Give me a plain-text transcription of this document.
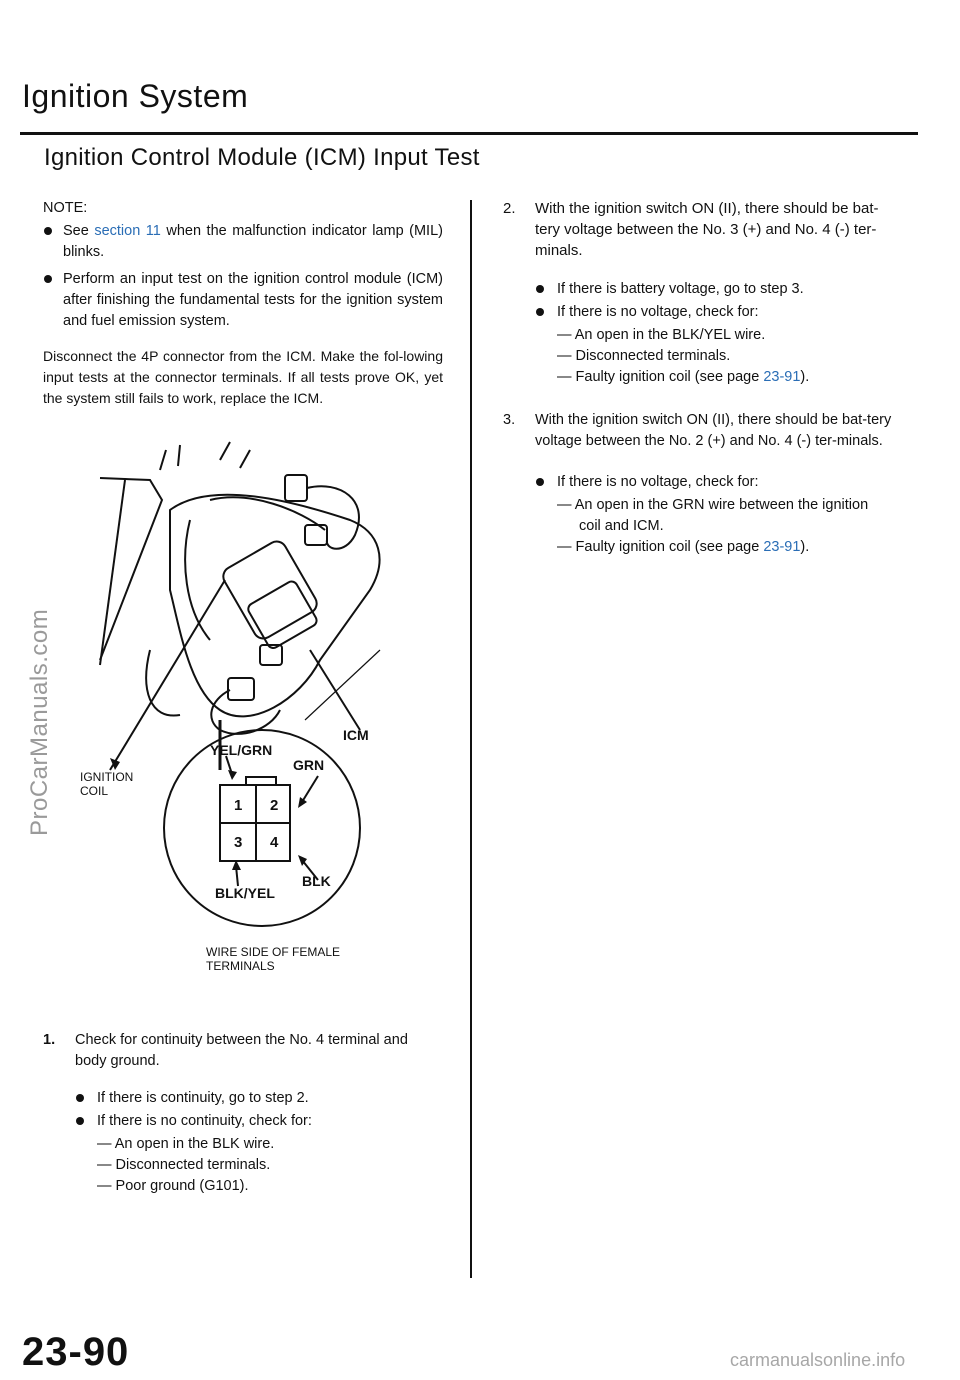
Ignition System
Ignition Control Module (ICM) Input Test

NOTE:

See section 11 when the malfunction indicator lamp (MIL) blinks.
Perform an input test on the ignition control module (ICM) after finishing the fundamental tests for the ignition system and fuel emission system.

Disconnect the 4P connector from the ICM. Make the fol-lowing input tests at the connector terminals. If all tests prove OK, yet the system still fails to work, replace the ICM.

1 2
3 4
ICM
YEL/GRN
GRN
BLK/YEL
BLK
IGNITION COIL
WIRE SIDE OF FEMALE TERMINALS

1. Check for continuity between the No. 4 terminal and body ground.

If there is continuity, go to step 2.
If there is no continuity, check for:
— An open in the BLK wire.
— Disconnected terminals.
— Poor ground (G101).

2. With the ignition switch ON (II), there should be bat-tery voltage between the No. 3 (+) and No. 4 (-) ter-minals.

If there is battery voltage, go to step 3.
If there is no voltage, check for:
— An open in the BLK/YEL wire.
— Disconnected terminals.
— Faulty ignition coil (see page 23-91).

3. With the ignition switch ON (II), there should be bat-tery voltage between the No. 2 (+) and No. 4 (-) ter-minals.

If there is no voltage, check for:
— An open in the GRN wire between the ignition
coil and ICM.
— Faulty ignition coil (see page 23-91).
ProCarManuals.com
23-90	carmanualsonline.info
